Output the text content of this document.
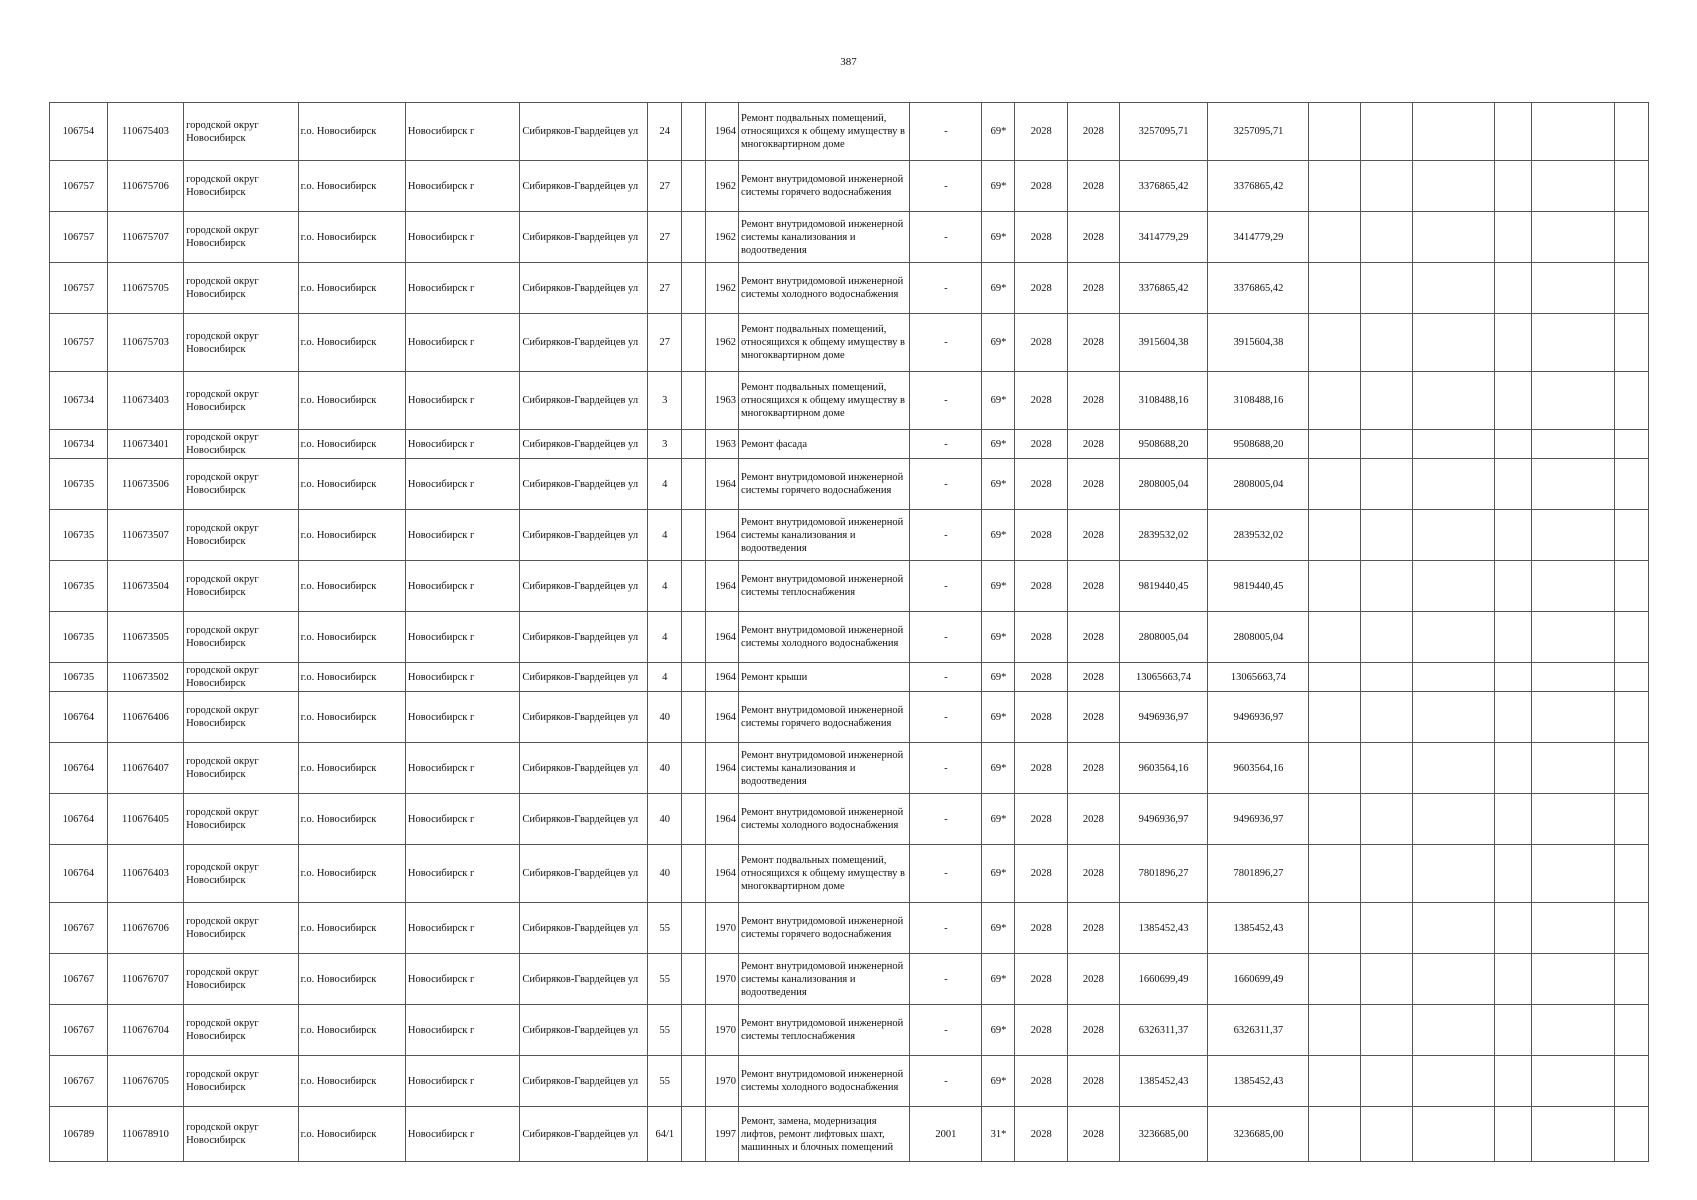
387
106754	110675403	городской округ Новосибирск	г.о. Новосибирск	Новосибирск г	Сибиряков-Гвардейцев ул	24		1964	Ремонт подвальных помещений, относящихся к общему имуществу в многоквартирном доме	-	69*	2028	2028	3257095,71	3257095,71						
106757	110675706	городской округ Новосибирск	г.о. Новосибирск	Новосибирск г	Сибиряков-Гвардейцев ул	27		1962	Ремонт внутридомовой инженерной системы горячего водоснабжения	-	69*	2028	2028	3376865,42	3376865,42						
106757	110675707	городской округ Новосибирск	г.о. Новосибирск	Новосибирск г	Сибиряков-Гвардейцев ул	27		1962	Ремонт внутридомовой инженерной системы канализования и водоотведения	-	69*	2028	2028	3414779,29	3414779,29						
106757	110675705	городской округ Новосибирск	г.о. Новосибирск	Новосибирск г	Сибиряков-Гвардейцев ул	27		1962	Ремонт внутридомовой инженерной системы холодного водоснабжения	-	69*	2028	2028	3376865,42	3376865,42						
106757	110675703	городской округ Новосибирск	г.о. Новосибирск	Новосибирск г	Сибиряков-Гвардейцев ул	27		1962	Ремонт подвальных помещений, относящихся к общему имуществу в многоквартирном доме	-	69*	2028	2028	3915604,38	3915604,38						
106734	110673403	городской округ Новосибирск	г.о. Новосибирск	Новосибирск г	Сибиряков-Гвардейцев ул	3		1963	Ремонт подвальных помещений, относящихся к общему имуществу в многоквартирном доме	-	69*	2028	2028	3108488,16	3108488,16						
106734	110673401	городской округ Новосибирск	г.о. Новосибирск	Новосибирск г	Сибиряков-Гвардейцев ул	3		1963	Ремонт фасада	-	69*	2028	2028	9508688,20	9508688,20						
106735	110673506	городской округ Новосибирск	г.о. Новосибирск	Новосибирск г	Сибиряков-Гвардейцев ул	4		1964	Ремонт внутридомовой инженерной системы горячего водоснабжения	-	69*	2028	2028	2808005,04	2808005,04						
106735	110673507	городской округ Новосибирск	г.о. Новосибирск	Новосибирск г	Сибиряков-Гвардейцев ул	4		1964	Ремонт внутридомовой инженерной системы канализования и водоотведения	-	69*	2028	2028	2839532,02	2839532,02						
106735	110673504	городской округ Новосибирск	г.о. Новосибирск	Новосибирск г	Сибиряков-Гвардейцев ул	4		1964	Ремонт внутридомовой инженерной системы теплоснабжения	-	69*	2028	2028	9819440,45	9819440,45						
106735	110673505	городской округ Новосибирск	г.о. Новосибирск	Новосибирск г	Сибиряков-Гвардейцев ул	4		1964	Ремонт внутридомовой инженерной системы холодного водоснабжения	-	69*	2028	2028	2808005,04	2808005,04						
106735	110673502	городской округ Новосибирск	г.о. Новосибирск	Новосибирск г	Сибиряков-Гвардейцев ул	4		1964	Ремонт крыши	-	69*	2028	2028	13065663,74	13065663,74						
106764	110676406	городской округ Новосибирск	г.о. Новосибирск	Новосибирск г	Сибиряков-Гвардейцев ул	40		1964	Ремонт внутридомовой инженерной системы горячего водоснабжения	-	69*	2028	2028	9496936,97	9496936,97						
106764	110676407	городской округ Новосибирск	г.о. Новосибирск	Новосибирск г	Сибиряков-Гвардейцев ул	40		1964	Ремонт внутридомовой инженерной системы канализования и водоотведения	-	69*	2028	2028	9603564,16	9603564,16						
106764	110676405	городской округ Новосибирск	г.о. Новосибирск	Новосибирск г	Сибиряков-Гвардейцев ул	40		1964	Ремонт внутридомовой инженерной системы холодного водоснабжения	-	69*	2028	2028	9496936,97	9496936,97						
106764	110676403	городской округ Новосибирск	г.о. Новосибирск	Новосибирск г	Сибиряков-Гвардейцев ул	40		1964	Ремонт подвальных помещений, относящихся к общему имуществу в многоквартирном доме	-	69*	2028	2028	7801896,27	7801896,27						
106767	110676706	городской округ Новосибирск	г.о. Новосибирск	Новосибирск г	Сибиряков-Гвардейцев ул	55		1970	Ремонт внутридомовой инженерной системы горячего водоснабжения	-	69*	2028	2028	1385452,43	1385452,43						
106767	110676707	городской округ Новосибирск	г.о. Новосибирск	Новосибирск г	Сибиряков-Гвардейцев ул	55		1970	Ремонт внутридомовой инженерной системы канализования и водоотведения	-	69*	2028	2028	1660699,49	1660699,49						
106767	110676704	городской округ Новосибирск	г.о. Новосибирск	Новосибирск г	Сибиряков-Гвардейцев ул	55		1970	Ремонт внутридомовой инженерной системы теплоснабжения	-	69*	2028	2028	6326311,37	6326311,37						
106767	110676705	городской округ Новосибирск	г.о. Новосибирск	Новосибирск г	Сибиряков-Гвардейцев ул	55		1970	Ремонт внутридомовой инженерной системы холодного водоснабжения	-	69*	2028	2028	1385452,43	1385452,43						
106789	110678910	городской округ Новосибирск	г.о. Новосибирск	Новосибирск г	Сибиряков-Гвардейцев ул	64/1		1997	Ремонт, замена, модернизация лифтов, ремонт лифтовых шахт, машинных и блочных помещений	2001	31*	2028	2028	3236685,00	3236685,00						
